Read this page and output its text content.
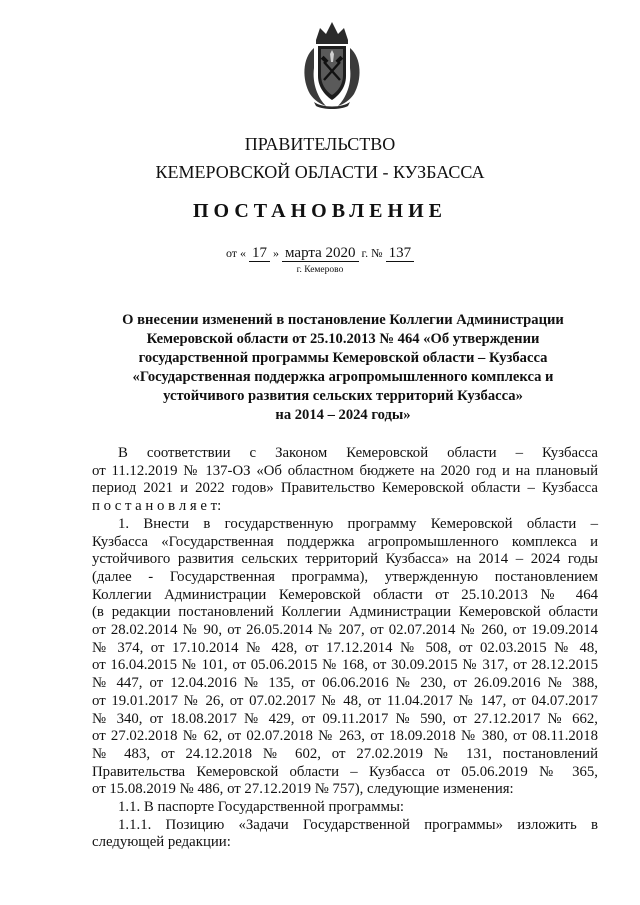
ПРАВИТЕЛЬСТВО
КЕМЕРОВСКОЙ ОБЛАСТИ - КУЗБАССА
ПОСТАНОВЛЕНИЕ
от « 17 » марта 2020 г. № 137
г. Кемерово
О внесении изменений в постановление Коллегии Администрации
Кемеровской области от 25.10.2013 № 464 «Об утверждении
государственной программы Кемеровской области – Кузбасса
«Государственная поддержка агропромышленного комплекса и
устойчивого развития сельских территорий Кузбасса»
на 2014 – 2024 годы»
В соответствии с Законом Кемеровской области – Кузбасса
от 11.12.2019 № 137-ОЗ «Об областном бюджете на 2020 год и на плановый
период 2021 и 2022 годов» Правительство Кемеровской области – Кузбасса
п о с т а н о в л я е т:
1. Внести в государственную программу Кемеровской области –
Кузбасса «Государственная поддержка агропромышленного комплекса и
устойчивого развития сельских территорий Кузбасса» на 2014 – 2024 годы
(далее - Государственная программа), утвержденную постановлением
Коллегии Администрации Кемеровской области от 25.10.2013 № 464
(в редакции постановлений Коллегии Администрации Кемеровской области
от 28.02.2014 № 90, от 26.05.2014 № 207, от 02.07.2014 № 260, от 19.09.2014
№ 374, от 17.10.2014 № 428, от 17.12.2014 № 508, от 02.03.2015 № 48,
от 16.04.2015 № 101, от 05.06.2015 № 168, от 30.09.2015 № 317, от 28.12.2015
№ 447, от 12.04.2016 № 135, от 06.06.2016 № 230, от 26.09.2016 № 388,
от 19.01.2017 № 26, от 07.02.2017 № 48, от 11.04.2017 № 147, от 04.07.2017
№ 340, от 18.08.2017 № 429, от 09.11.2017 № 590, от 27.12.2017 № 662,
от 27.02.2018 № 62, от 02.07.2018 № 263, от 18.09.2018 № 380, от 08.11.2018
№ 483, от 24.12.2018 № 602, от 27.02.2019 № 131, постановлений
Правительства Кемеровской области – Кузбасса от 05.06.2019 № 365,
от 15.08.2019 № 486, от 27.12.2019 № 757), следующие изменения:
1.1. В паспорте Государственной программы:
1.1.1. Позицию «Задачи Государственной программы» изложить в
следующей редакции:
